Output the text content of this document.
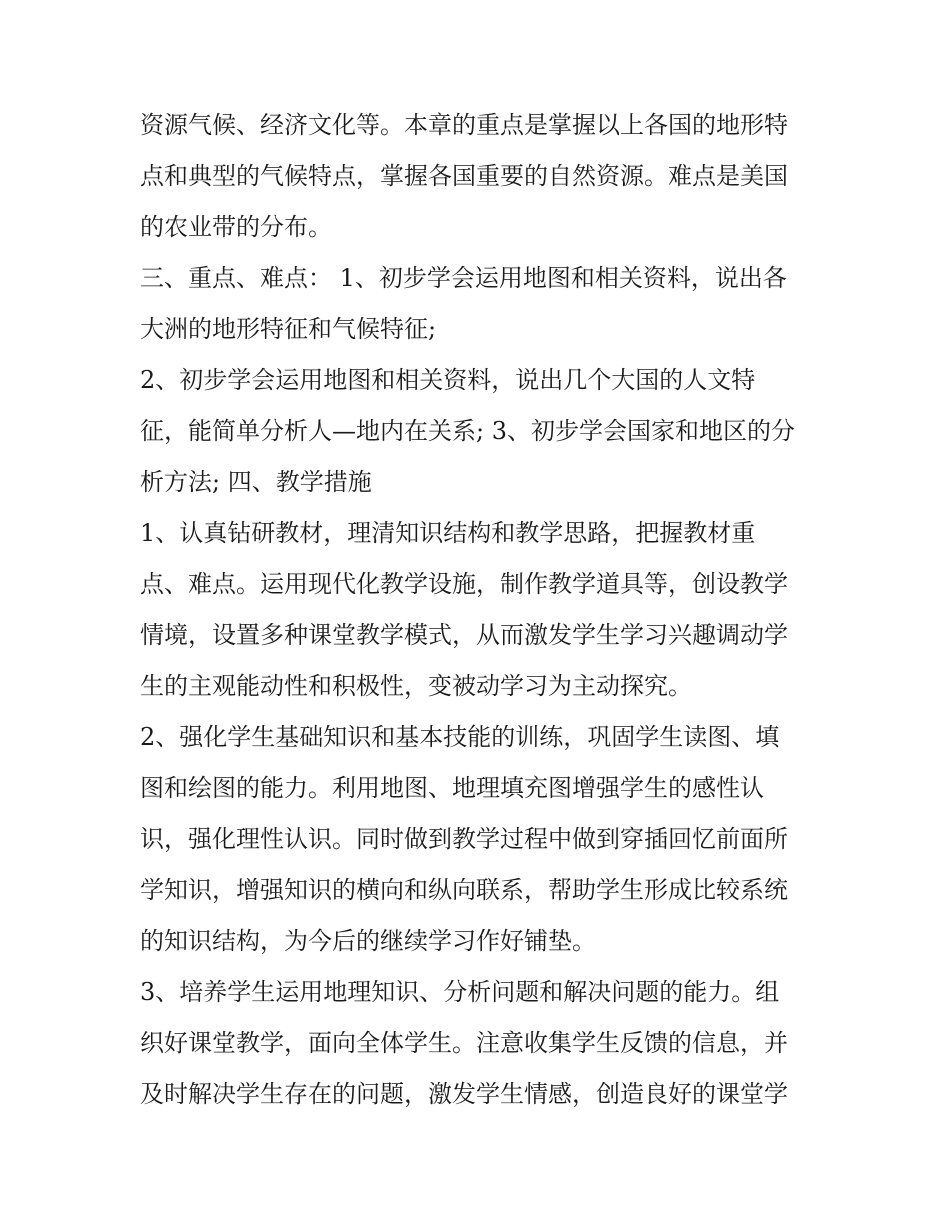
资源气候、经济文化等。本章的重点是掌握以上各国的地形特
点和典型的气候特点，掌握各国重要的自然资源。难点是美国
的农业带的分布。
三、重点、难点： 1、初步学会运用地图和相关资料，说出各
大洲的地形特征和气候特征;
2、初步学会运用地图和相关资料，说出几个大国的人文特
征，能简单分析人—地内在关系; 3、初步学会国家和地区的分
析方法; 四、教学措施
1、认真钻研教材，理清知识结构和教学思路，把握教材重
点、难点。运用现代化教学设施，制作教学道具等，创设教学
情境，设置多种课堂教学模式，从而激发学生学习兴趣调动学
生的主观能动性和积极性，变被动学习为主动探究。
2、强化学生基础知识和基本技能的训练，巩固学生读图、填
图和绘图的能力。利用地图、地理填充图增强学生的感性认
识，强化理性认识。同时做到教学过程中做到穿插回忆前面所
学知识，增强知识的横向和纵向联系，帮助学生形成比较系统
的知识结构，为今后的继续学习作好铺垫。
3、培养学生运用地理知识、分析问题和解决问题的能力。组
织好课堂教学，面向全体学生。注意收集学生反馈的信息，并
及时解决学生存在的问题，激发学生情感，创造良好的课堂学
